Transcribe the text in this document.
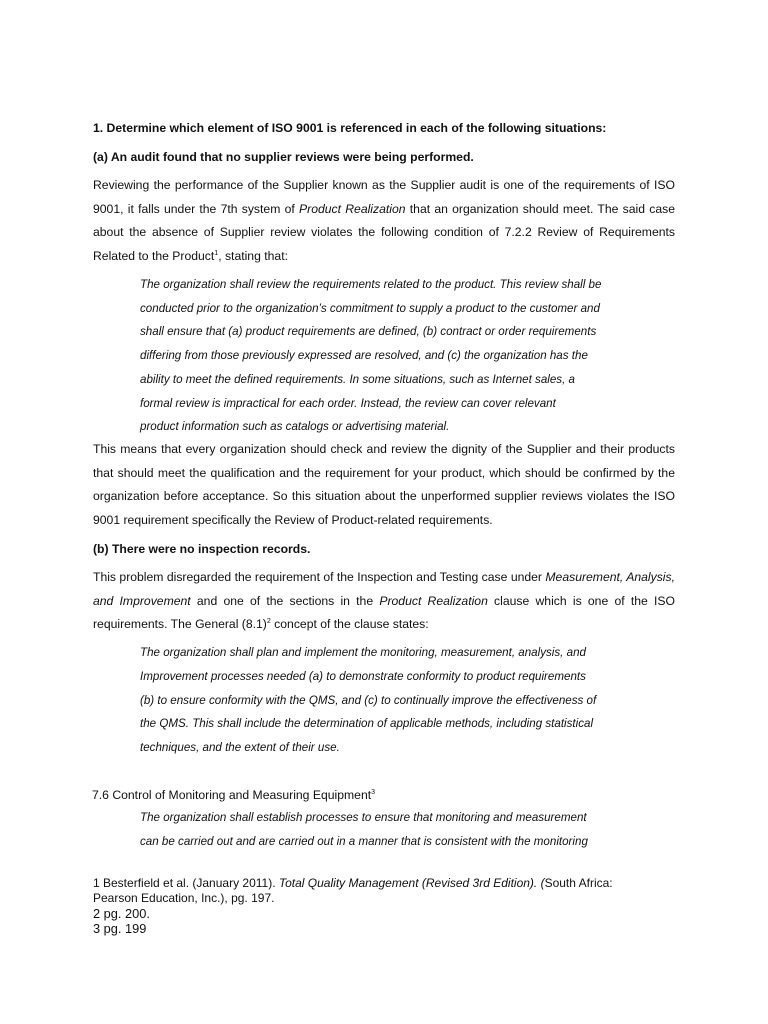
1. Determine which element of ISO 9001 is referenced in each of the following situations:
(a) An audit found that no supplier reviews were being performed.

Reviewing the performance of the Supplier known as the Supplier audit is one of the requirements of ISO 9001, it falls under the 7th system of Product Realization that an organization should meet. The said case about the absence of Supplier review violates the following condition of 7.2.2 Review of Requirements Related to the Product$^1$, stating that:

The organization shall review the requirements related to the product. This review shall be
conducted prior to the organization’s commitment to supply a product to the customer and
shall ensure that (a) product requirements are defined, (b) contract or order requirements
differing from those previously expressed are resolved, and (c) the organization has the
ability to meet the defined requirements. In some situations, such as Internet sales, a
formal review is impractical for each order. Instead, the review can cover relevant
product information such as catalogs or advertising material.

This means that every organization should check and review the dignity of the Supplier and their products that should meet the qualification and the requirement for your product, which should be confirmed by the organization before acceptance. So this situation about the unperformed supplier reviews violates the ISO 9001 requirement specifically the Review of Product-related requirements.

(b) There were no inspection records.

This problem disregarded the requirement of the Inspection and Testing case under Measurement, Analysis, and Improvement and one of the sections in the Product Realization clause which is one of the ISO requirements. The General $(8.1)^2$ concept of the clause states:

The organization shall plan and implement the monitoring, measurement, analysis, and
Improvement processes needed (a) to demonstrate conformity to product requirements
(b) to ensure conformity with the QMS, and (c) to continually improve the effectiveness of
the QMS. This shall include the determination of applicable methods, including statistical
techniques, and the extent of their use.
7.6 Control of Monitoring and Measuring Equipment$^3$
The organization shall establish processes to ensure that monitoring and measurement
can be carried out and are carried out in a manner that is consistent with the monitoring
1 Besterfield et al. (January 2011). Total Quality Management (Revised 3rd Edition). (South Africa:
Pearson Education, Inc.), pg. 197.
2 pg. 200.
3 pg. 199
